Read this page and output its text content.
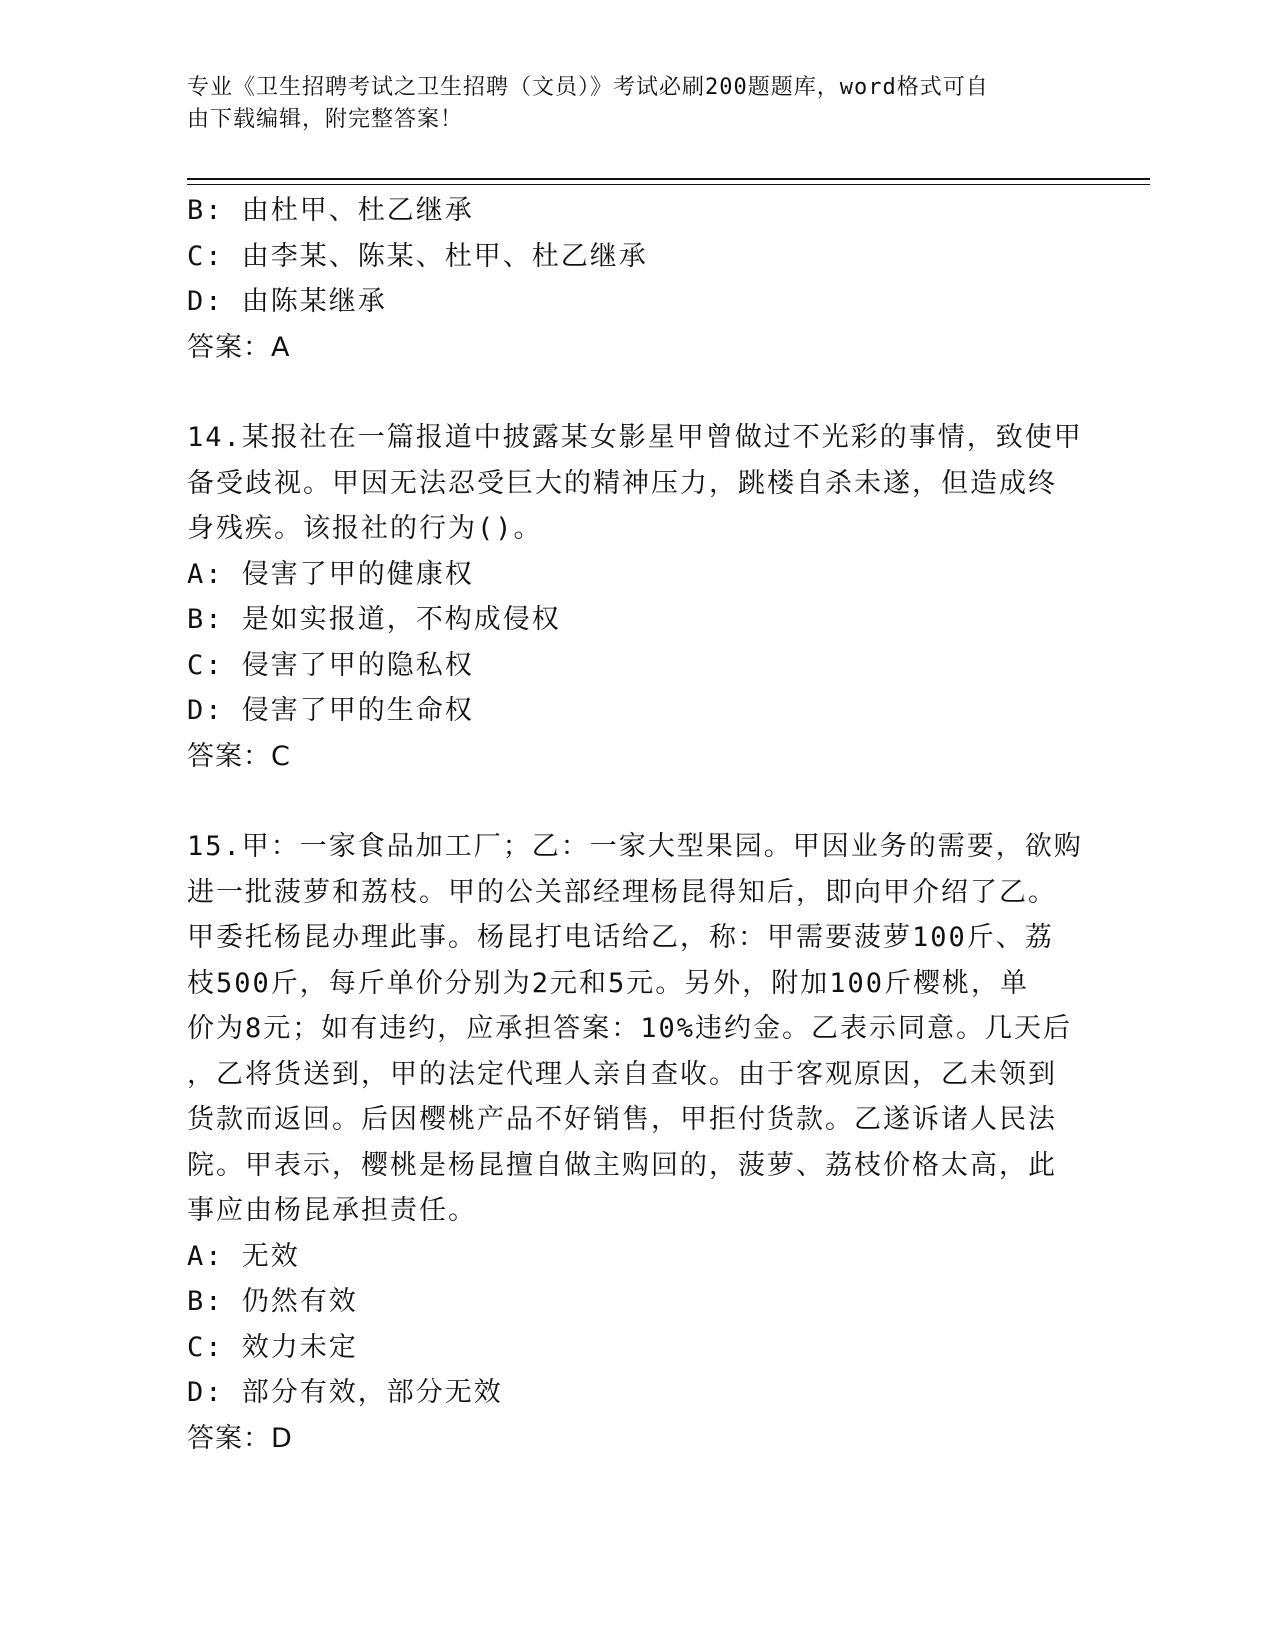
专业《卫生招聘考试之卫生招聘（文员）》考试必刷200题题库，word格式可自
由下载编辑，附完整答案！
B: 由杜甲、杜乙继承
C: 由李某、陈某、杜甲、杜乙继承
D: 由陈某继承
答案：A
14.某报社在一篇报道中披露某女影星甲曾做过不光彩的事情，致使甲
备受歧视。甲因无法忍受巨大的精神压力，跳楼自杀未遂，但造成终
身残疾。该报社的行为()。
A: 侵害了甲的健康权
B: 是如实报道，不构成侵权
C: 侵害了甲的隐私权
D: 侵害了甲的生命权
答案：C
15.甲：一家食品加工厂；乙：一家大型果园。甲因业务的需要，欲购
进一批菠萝和荔枝。甲的公关部经理杨昆得知后，即向甲介绍了乙。
甲委托杨昆办理此事。杨昆打电话给乙，称：甲需要菠萝100斤、荔
枝500斤，每斤单价分别为2元和5元。另外，附加100斤樱桃，单
价为8元；如有违约，应承担答案：10%违约金。乙表示同意。几天后
，乙将货送到，甲的法定代理人亲自查收。由于客观原因，乙未领到
货款而返回。后因樱桃产品不好销售，甲拒付货款。乙遂诉诸人民法
院。甲表示，樱桃是杨昆擅自做主购回的，菠萝、荔枝价格太高，此
事应由杨昆承担责任。
A: 无效
B: 仍然有效
C: 效力未定
D: 部分有效，部分无效
答案：D
